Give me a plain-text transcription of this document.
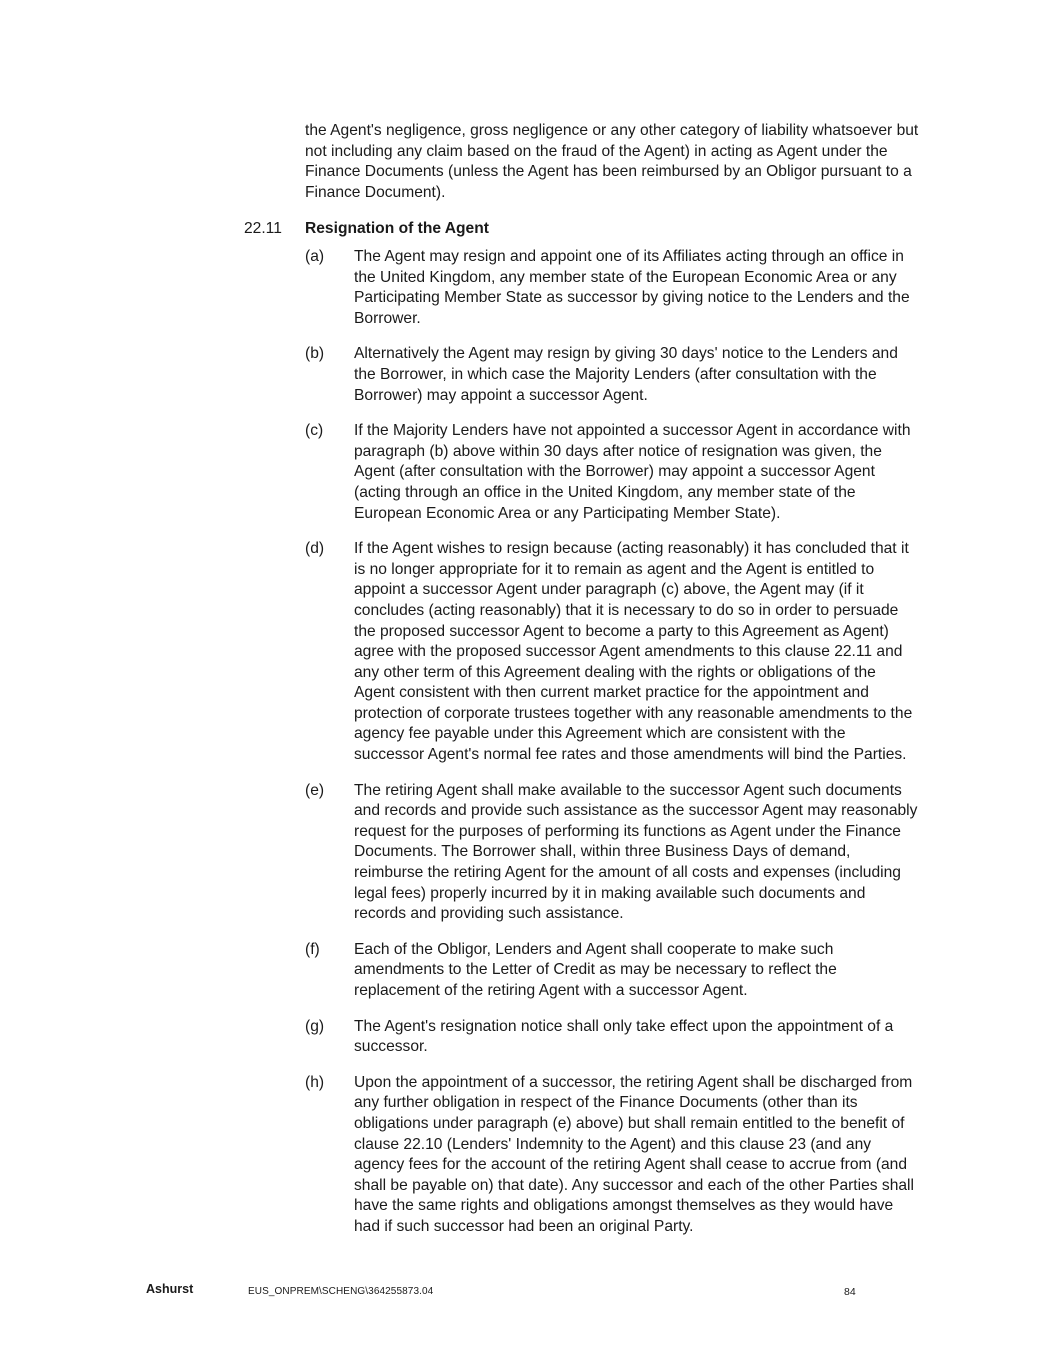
the Agent's negligence, gross negligence or any other category of liability whatsoever but not including any claim based on the fraud of the Agent) in acting as Agent under the Finance Documents (unless the Agent has been reimbursed by an Obligor pursuant to a Finance Document).

22.11 Resignation of the Agent
(a)	The Agent may resign and appoint one of its Affiliates acting through an office in the United Kingdom, any member state of the European Economic Area or any Participating Member State as successor by giving notice to the Lenders and the Borrower.
(b)	Alternatively the Agent may resign by giving 30 days' notice to the Lenders and the Borrower, in which case the Majority Lenders (after consultation with the Borrower) may appoint a successor Agent.
(c)	If the Majority Lenders have not appointed a successor Agent in accordance with paragraph (b) above within 30 days after notice of resignation was given, the Agent (after consultation with the Borrower) may appoint a successor Agent (acting through an office in the United Kingdom, any member state of the European Economic Area or any Participating Member State).
(d)	If the Agent wishes to resign because (acting reasonably) it has concluded that it is no longer appropriate for it to remain as agent and the Agent is entitled to appoint a successor Agent under paragraph (c) above, the Agent may (if it concludes (acting reasonably) that it is necessary to do so in order to persuade the proposed successor Agent to become a party to this Agreement as Agent) agree with the proposed successor Agent amendments to this clause 22.11 and any other term of this Agreement dealing with the rights or obligations of the Agent consistent with then current market practice for the appointment and protection of corporate trustees together with any reasonable amendments to the agency fee payable under this Agreement which are consistent with the successor Agent's normal fee rates and those amendments will bind the Parties.
(e)	The retiring Agent shall make available to the successor Agent such documents and records and provide such assistance as the successor Agent may reasonably request for the purposes of performing its functions as Agent under the Finance Documents. The Borrower shall, within three Business Days of demand, reimburse the retiring Agent for the amount of all costs and expenses (including legal fees) properly incurred by it in making available such documents and records and providing such assistance.
(f)	Each of the Obligor, Lenders and Agent shall cooperate to make such amendments to the Letter of Credit as may be necessary to reflect the replacement of the retiring Agent with a successor Agent.
(g)	The Agent's resignation notice shall only take effect upon the appointment of a successor.
(h)	Upon the appointment of a successor, the retiring Agent shall be discharged from any further obligation in respect of the Finance Documents (other than its obligations under paragraph (e) above) but shall remain entitled to the benefit of clause 22.10 (Lenders' Indemnity to the Agent) and this clause 23 (and any agency fees for the account of the retiring Agent shall cease to accrue from (and shall be payable on) that date). Any successor and each of the other Parties shall have the same rights and obligations amongst themselves as they would have had if such successor had been an original Party.
Ashurst	EUS_ONPREM\SCHENG\364255873.04	84
